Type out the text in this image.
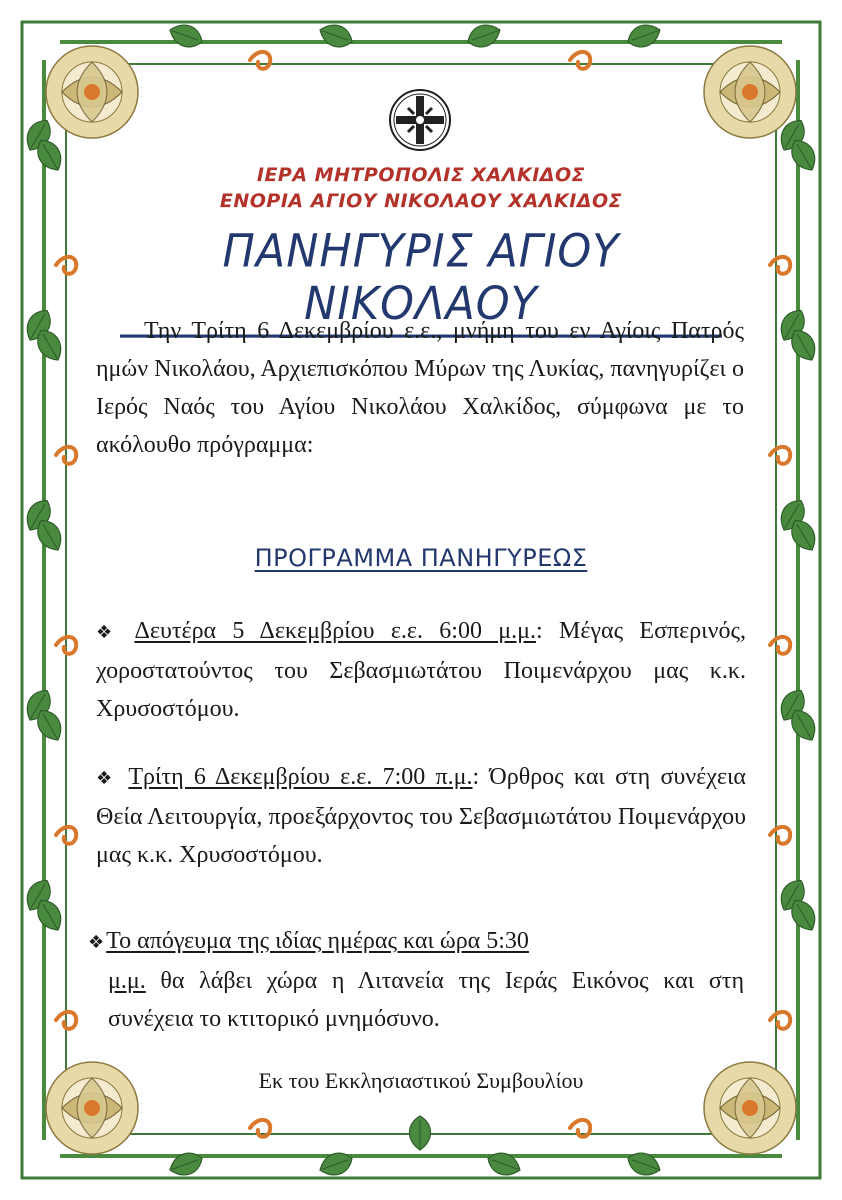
ΙΕΡΑ ΜΗΤΡΟΠΟΛΙΣ ΧΑΛΚΙΔΟΣ
ΕΝΟΡΙΑ ΑΓΙΟΥ ΝΙΚΟΛΑΟΥ ΧΑΛΚΙΔΟΣ
ΠΑΝΗΓΥΡΙΣ ΑΓΙΟΥ ΝΙΚΟΛΑΟΥ
Την Τρίτη 6 Δεκεμβρίου ε.ε., μνήμη του εν Αγίοις Πατρός ημών Νικολάου, Αρχιεπισκόπου Μύρων της Λυκίας, πανηγυρίζει ο Ιερός Ναός του Αγίου Νικολάου Χαλκίδος, σύμφωνα με το ακόλουθο πρόγραμμα:
ΠΡΟΓΡΑΜΜΑ ΠΑΝΗΓΥΡΕΩΣ
❖ Δευτέρα 5 Δεκεμβρίου ε.ε. 6:00 μ.μ.: Μέγας Εσπερινός, χοροστατούντος του Σεβασμιωτάτου Ποιμενάρχου μας κ.κ. Χρυσοστόμου.
❖ Τρίτη 6 Δεκεμβρίου ε.ε. 7:00 π.μ.: Όρθρος και στη συνέχεια Θεία Λειτουργία, προεξάρχοντος του Σεβασμιωτάτου Ποιμενάρχου μας κ.κ. Χρυσοστόμου.
❖Το απόγευμα της ιδίας ημέρας και ώρα 5:30
μ.μ. θα λάβει χώρα η Λιτανεία της Ιεράς Εικόνος και στη συνέχεια το κτιτορικό μνημόσυνο.
Εκ του Εκκλησιαστικού Συμβουλίου
